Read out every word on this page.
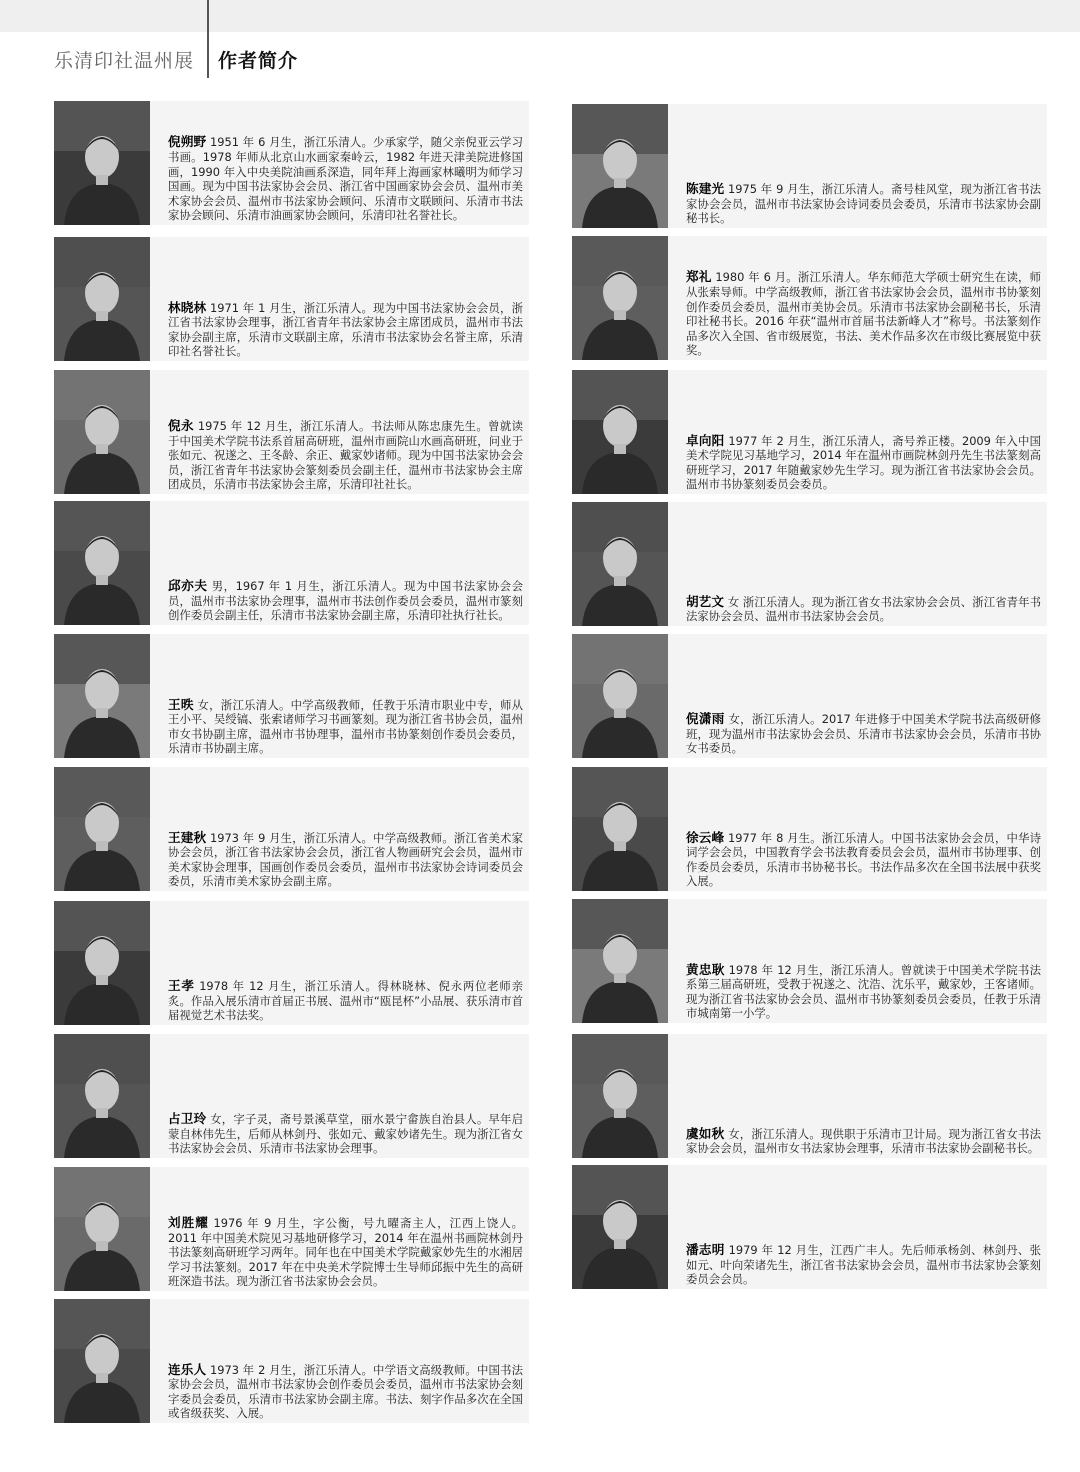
乐清印社温州展 作者简介
倪朔野 1951 年 6 月生，浙江乐清人。少承家学，随父亲倪亚云学习书画。1978 年师从北京山水画家秦岭云，1982 年进天津美院进修国画，1990 年入中央美院油画系深造，同年拜上海画家林曦明为师学习国画。现为中国书法家协会会员、浙江省中国画家协会会员、温州市美术家协会会员、温州市书法家协会顾问、乐清市文联顾问、乐清市书法家协会顾问、乐清市油画家协会顾问，乐清印社名誉社长。
林晓林 1971 年 1 月生，浙江乐清人。现为中国书法家协会会员，浙江省书法家协会理事，浙江省青年书法家协会主席团成员，温州市书法家协会副主席，乐清市文联副主席，乐清市书法家协会名誉主席，乐清印社名誉社长。
倪永 1975 年 12 月生，浙江乐清人。书法师从陈忠康先生。曾就读于中国美术学院书法系首届高研班，温州市画院山水画高研班，问业于张如元、祝遂之、王冬龄、余正、戴家妙诸师。现为中国书法家协会会员，浙江省青年书法家协会篆刻委员会副主任，温州市书法家协会主席团成员，乐清市书法家协会主席，乐清印社社长。
邱亦夫 男，1967 年 1 月生，浙江乐清人。现为中国书法家协会会员，温州市书法家协会理事，温州市书法创作委员会委员，温州市篆刻创作委员会副主任，乐清市书法家协会副主席，乐清印社执行社长。
王昳 女，浙江乐清人。中学高级教师，任教于乐清市职业中专，师从王小平、吴绶镐、张索诸师学习书画篆刻。现为浙江省书协会员，温州市女书协副主席，温州市书协理事，温州市书协篆刻创作委员会委员，乐清市书协副主席。
王建秋 1973 年 9 月生，浙江乐清人。中学高级教师。浙江省美术家协会会员，浙江省书法家协会会员，浙江省人物画研究会会员，温州市美术家协会理事，国画创作委员会委员，温州市书法家协会诗词委员会委员，乐清市美术家协会副主席。
王孝 1978 年 12 月生，浙江乐清人。得林晓林、倪永两位老师亲炙。作品入展乐清市首届正书展、温州市“瓯昆杯”小品展、获乐清市首届视觉艺术书法奖。
占卫玲 女，字子灵，斋号景溪草堂，丽水景宁畲族自治县人。早年启蒙自林伟先生，后师从林剑丹、张如元、戴家妙诸先生。现为浙江省女书法家协会会员、乐清市书法家协会理事。
刘胜耀 1976 年 9 月生，字公衡，号九曜斋主人，江西上饶人。2011 年中国美术院见习基地研修学习，2014 年在温州书画院林剑丹书法篆刻高研班学习两年。同年也在中国美术学院戴家妙先生的水湘居学习书法篆刻。2017 年在中央美术学院博士生导师邱振中先生的高研班深造书法。现为浙江省书法家协会会员。
连乐人 1973 年 2 月生，浙江乐清人。中学语文高级教师。中国书法家协会会员，温州市书法家协会创作委员会委员，温州市书法家协会刻字委员会委员，乐清市书法家协会副主席。书法、刻字作品多次在全国或省级获奖、入展。
陈建光 1975 年 9 月生，浙江乐清人。斋号桂风堂，现为浙江省书法家协会会员，温州市书法家协会诗词委员会委员，乐清市书法家协会副秘书长。
郑礼 1980 年 6 月。浙江乐清人。华东师范大学硕士研究生在读，师从张索导师。中学高级教师，浙江省书法家协会会员，温州市书协篆刻创作委员会委员，温州市美协会员。乐清市书法家协会副秘书长，乐清印社秘书长。2016 年获“温州市首届书法新峰人才”称号。书法篆刻作品多次入全国、省市级展览，书法、美术作品多次在市级比赛展览中获奖。
卓向阳 1977 年 2 月生，浙江乐清人，斋号养正楼。2009 年入中国美术学院见习基地学习，2014 年在温州市画院林剑丹先生书法篆刻高研班学习，2017 年随戴家妙先生学习。现为浙江省书法家协会会员。温州市书协篆刻委员会委员。
胡艺文 女 浙江乐清人。现为浙江省女书法家协会会员、浙江省青年书法家协会会员、温州市书法家协会会员。
倪潇雨 女，浙江乐清人。2017 年进修于中国美术学院书法高级研修班，现为温州市书法家协会会员、乐清市书法家协会会员，乐清市书协女书委员。
徐云峰 1977 年 8 月生。浙江乐清人。中国书法家协会会员，中华诗词学会会员，中国教育学会书法教育委员会会员，温州市书协理事、创作委员会委员，乐清市书协秘书长。书法作品多次在全国书法展中获奖入展。
黄忠耿 1978 年 12 月生，浙江乐清人。曾就读于中国美术学院书法系第三届高研班，受教于祝遂之、沈浩、沈乐平，戴家妙，王客诸师。现为浙江省书法家协会会员、温州市书协篆刻委员会委员，任教于乐清市城南第一小学。
虞如秋 女，浙江乐清人。现供职于乐清市卫计局。现为浙江省女书法家协会会员，温州市女书法家协会理事，乐清市书法家协会副秘书长。
潘志明 1979 年 12 月生，江西广丰人。先后师承杨剑、林剑丹、张如元、叶向荣诸先生，浙江省书法家协会会员，温州市书法家协会篆刻委员会会员。
